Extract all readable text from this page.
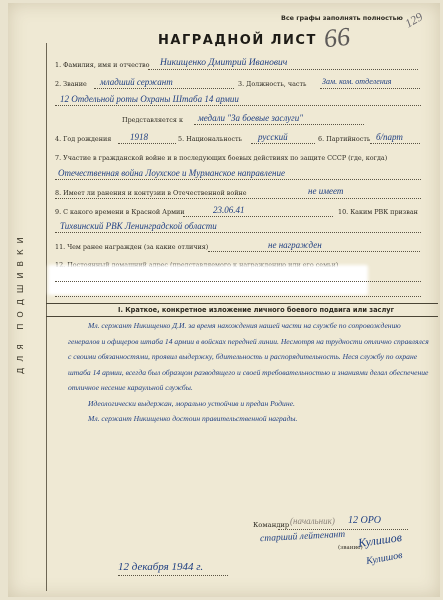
Все графы заполнять полностью
66
129
НАГРАДНОЙ ЛИСТ
ДЛЯ ПОДШИВКИ
1. Фамилия, имя и отчество Никищенко Дмитрий Иванович
2. Звание младший сержант	3. Должность, часть Зам. ком. отделения
12 Отдельной роты Охраны Штаба 14 армии
Представляется к медали "За боевые заслуги"
4. Год рождения 1918	5. Национальность русский	6. Партийность б/парт
7. Участие в гражданской войне и в последующих боевых действиях по защите СССР (где, когда)
Отечественная война Лоухское и Мурманское направление
8. Имеет ли ранения и контузии в Отечественной войне	не имеет
9. С какого времени в Красной Армии	23.06.41	10. Каким РВК призван
Тихвинский РВК Ленинградской области
11. Чем ранее награжден (за какие отличия)	не награжден
I. Краткое, конкретное изложение личного боевого подвига или заслуг

Мл. сержант Никищенко Д.И. за время нахождения нашей части на службе по сопровождению генералов и офицеров штаба 14 армии в войсках передней линии. Несмотря на трудности отлично справлялся с своими обязанностями, проявил выдержку, бдительность и распорядительность. Неся службу по охране штаба 14 армии, всегда был образцом разводящего и своей требовательностью и знаниями делал обеспечение отличное несение караульной службы.

Идеологически выдержан, морально устойчив и предан Родине.

Мл. сержант Никищенко достоин правительственной награды.

Командир (начальник) 12 ОРО
старший лейтенант
(звание)
Кулишов
Кулишов
12 декабря 1944 г.
